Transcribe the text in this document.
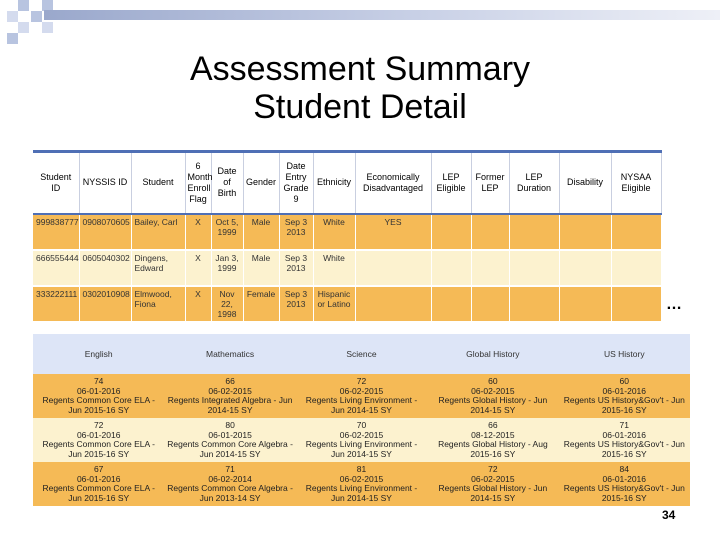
Assessment Summary
Student Detail
Student ID	NYSSIS ID	Student	6 Month Enroll Flag	Date of Birth	Gender	Date Entry Grade 9	Ethnicity	Economically Disadvantaged	LEP Eligible	Former LEP	LEP Duration	Disability	NYSAA Eligible
999838777	0908070605	Bailey, Carl	X	Oct 5, 1999	Male	Sep 3 2013	White	YES					
666555444	0605040302	Dingens, Edward	X	Jan 3, 1999	Male	Sep 3 2013	White						
333222111	0302010908	Elmwood, Fiona	X	Nov 22, 1998	Female	Sep 3 2013	Hispanic or Latino							…
English	Mathematics	Science	Global History	US History

74
06-01-2016
Regents Common Core ELA - Jun 2015-16 SY	66
06-02-2015
Regents Integrated Algebra - Jun 2014-15 SY	72
06-02-2015
Regents Living Environment - Jun 2014-15 SY	60
06-02-2015
Regents Global History - Jun 2014-15 SY	60
06-01-2016
Regents US History&Gov't - Jun 2015-16 SY

72
06-01-2016
Regents Common Core ELA - Jun 2015-16 SY	80
06-01-2015
Regents Common Core Algebra - Jun 2014-15 SY	70
06-02-2015
Regents Living Environment - Jun 2014-15 SY	66
08-12-2015
Regents Global History - Aug 2015-16 SY	71
06-01-2016
Regents US History&Gov't - Jun 2015-16 SY

67
06-01-2016
Regents Common Core ELA - Jun 2015-16 SY	71
06-02-2014
Regents Common Core Algebra - Jun 2013-14 SY	81
06-02-2015
Regents Living Environment - Jun 2014-15 SY	72
06-02-2015
Regents Global History - Jun 2014-15 SY	84
06-01-2016
Regents US History&Gov't - Jun 2015-16 SY
34
